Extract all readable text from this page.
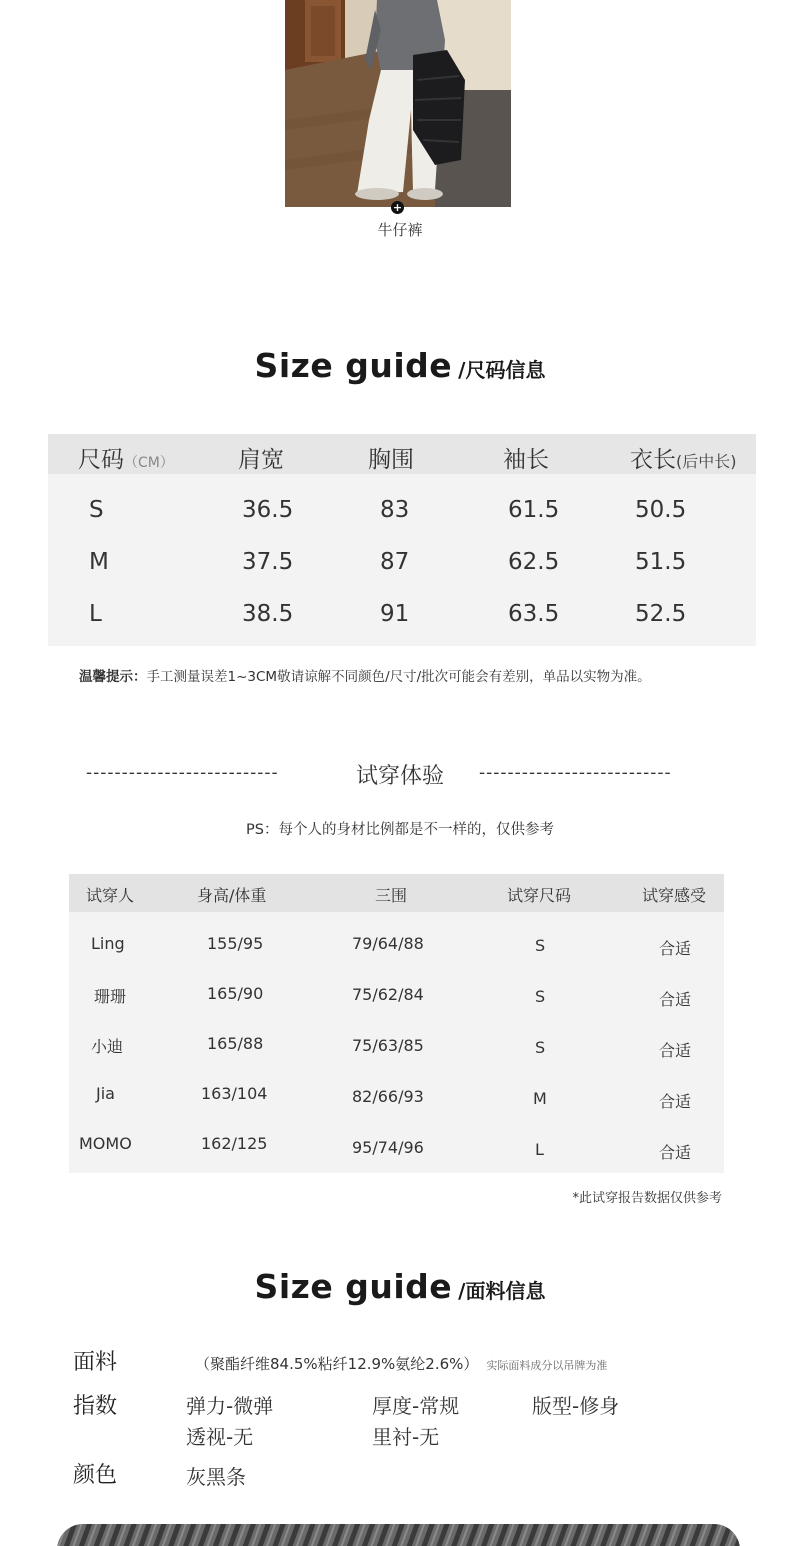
+
牛仔裤
Size guide /尺码信息
尺码（CM）	肩宽	胸围	袖长	衣长(后中长)
S	36.5	83	61.5	50.5
M	37.5	87	62.5	51.5
L	38.5	91	63.5	52.5
温馨提示：手工测量误差1~3CM敬请谅解不同颜色/尺寸/批次可能会有差别，单品以实物为准。
---------------------------	试穿体验	---------------------------
PS：每个人的身材比例都是不一样的，仅供参考
试穿人	身高/体重	三围	试穿尺码	试穿感受
Ling	155/95	79/64/88	S	合适
珊珊	165/90	75/62/84	S	合适
小迪	165/88	75/63/85	S	合适
Jia	163/104	82/66/93	M	合适
MOMO	162/125	95/74/96	L	合适
*此试穿报告数据仅供参考
Size guide /面料信息
面料	（聚酯纤维84.5%粘纤12.9%氨纶2.6%） 实际面料成分以吊牌为准
指数	弹力-微弹	厚度-常规	版型-修身
透视-无	里衬-无
颜色	灰黑条
